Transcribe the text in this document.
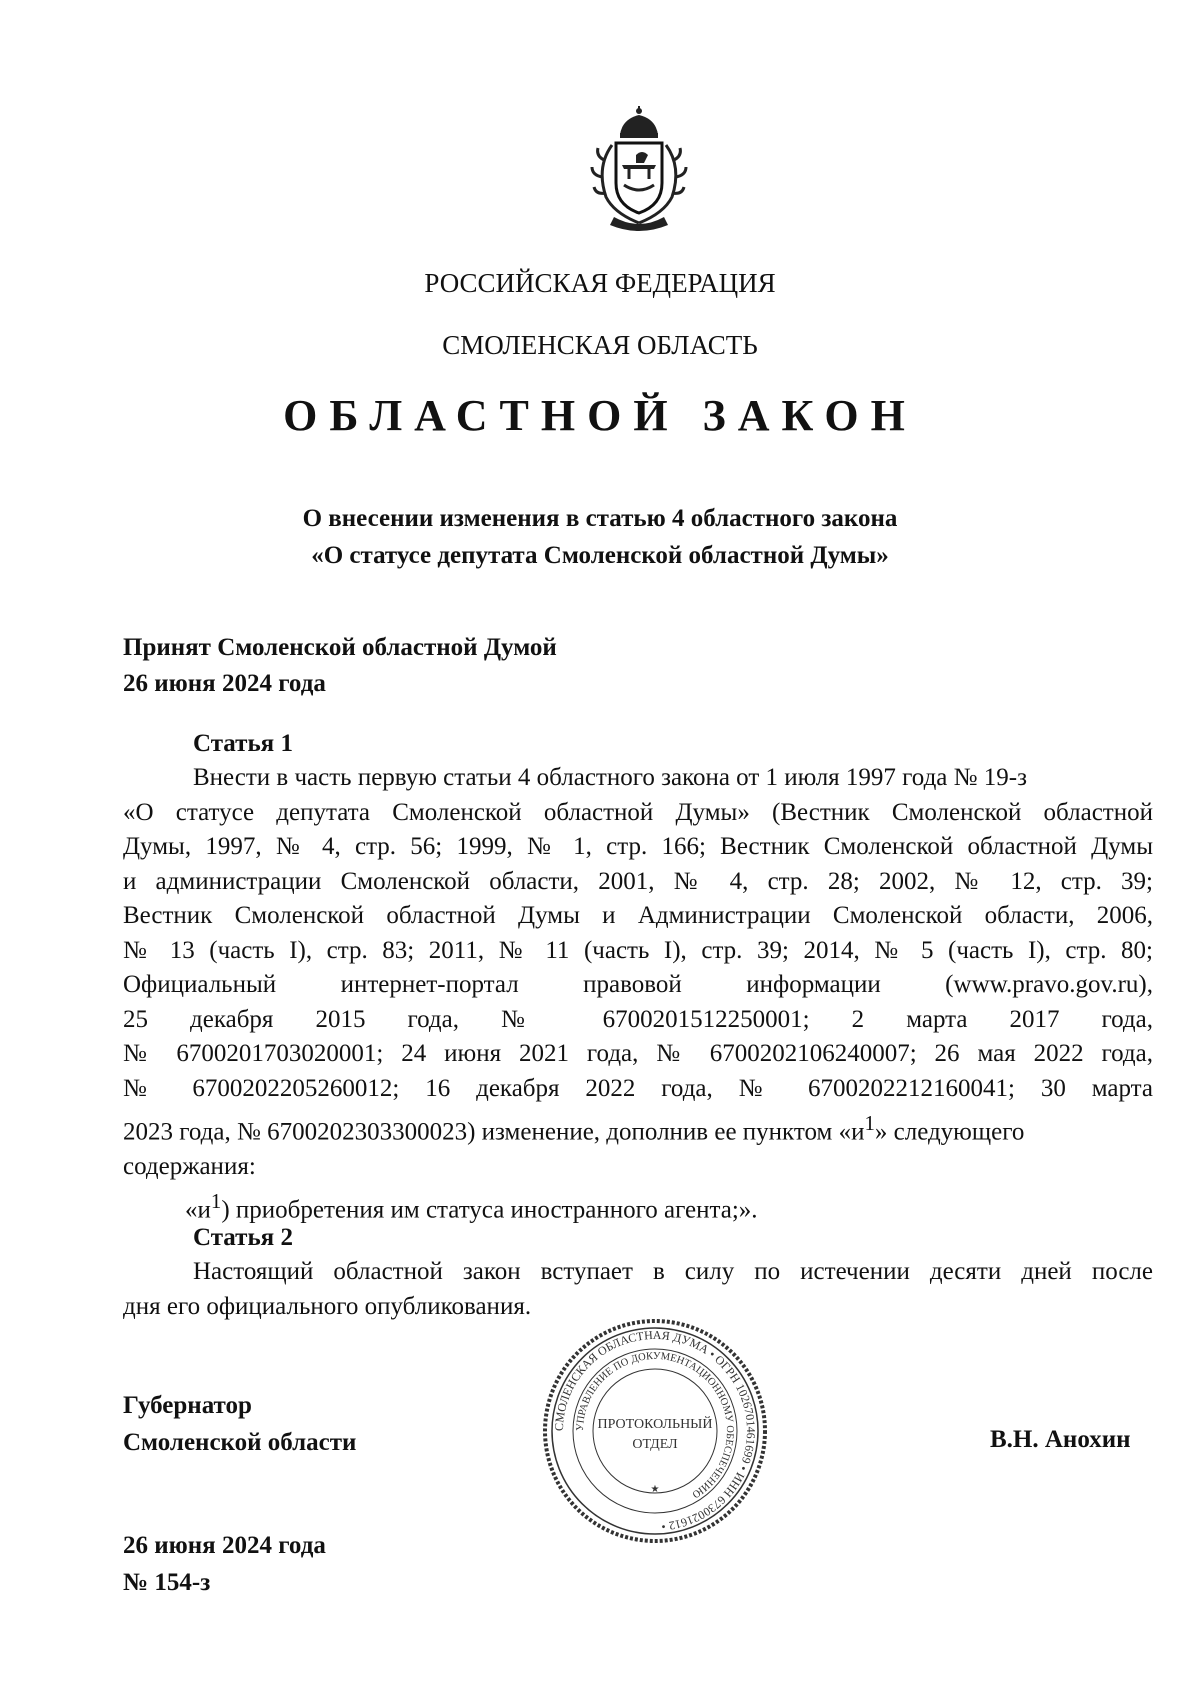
РОССИЙСКАЯ ФЕДЕРАЦИЯ
СМОЛЕНСКАЯ ОБЛАСТЬ
ОБЛАСТНОЙ ЗАКОН
О внесении изменения в статью 4 областного закона
«О статусе депутата Смоленской областной Думы»
Принят Смоленской областной Думой
26 июня 2024 года
Статья 1
Внести в часть первую статьи 4 областного закона от 1 июля 1997 года № 19-з
«О статусе депутата Смоленской областной Думы» (Вестник Смоленской областной
Думы, 1997, № 4, стр. 56; 1999, № 1, стр. 166; Вестник Смоленской областной Думы
и администрации Смоленской области, 2001, № 4, стр. 28; 2002, № 12, стр. 39;
Вестник Смоленской областной Думы и Администрации Смоленской области, 2006,
№ 13 (часть I), стр. 83; 2011, № 11 (часть I), стр. 39; 2014, № 5 (часть I), стр. 80;
Официальный интернет-портал правовой информации (www.pravo.gov.ru),
25 декабря 2015 года, № 6700201512250001; 2 марта 2017 года,
№ 6700201703020001; 24 июня 2021 года, № 6700202106240007; 26 мая 2022 года,
№ 6700202205260012; 16 декабря 2022 года, № 6700202212160041; 30 марта
2023 года, № 6700202303300023) изменение, дополнив ее пунктом «$и^1$» следующего
содержания:
«$и^1$) приобретения им статуса иностранного агента;».
Статья 2
Настоящий областной закон вступает в силу по истечении десяти дней после
дня его официального опубликования.
Губернатор
Смоленской области
СМОЛЕНСКАЯ ОБЛАСТНАЯ ДУМА • ОГРН 1026701461699 • ИНН 6730021612 •
УПРАВЛЕНИЕ ПО ДОКУМЕНТАЦИОННОМУ ОБЕСПЕЧЕНИЮ
ПРОТОКОЛЬНЫЙ
ОТДЕЛ
★
В.Н. Анохин
26 июня 2024 года
№ 154-з
